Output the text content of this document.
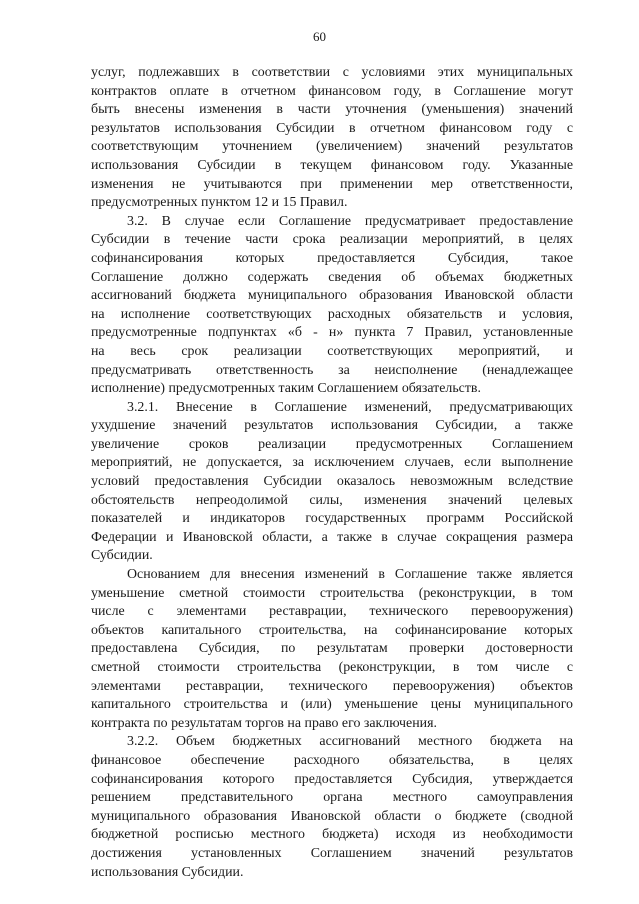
60
услуг, подлежавших в соответствии с условиями этих муниципальных
контрактов оплате в отчетном финансовом году, в Соглашение могут
быть внесены изменения в части уточнения (уменьшения) значений
результатов использования Субсидии в отчетном финансовом году с
соответствующим уточнением (увеличением) значений результатов
использования Субсидии в текущем финансовом году. Указанные
изменения не учитываются при применении мер ответственности,
предусмотренных пунктом 12 и 15 Правил.
3.2. В случае если Соглашение предусматривает предоставление
Субсидии в течение части срока реализации мероприятий, в целях
софинансирования которых предоставляется Субсидия, такое
Соглашение должно содержать сведения об объемах бюджетных
ассигнований бюджета муниципального образования Ивановской области
на исполнение соответствующих расходных обязательств и условия,
предусмотренные подпунктах «б - н» пункта 7 Правил, установленные
на весь срок реализации соответствующих мероприятий, и
предусматривать ответственность за неисполнение (ненадлежащее
исполнение) предусмотренных таким Соглашением обязательств.
3.2.1. Внесение в Соглашение изменений, предусматривающих
ухудшение значений результатов использования Субсидии, а также
увеличение сроков реализации предусмотренных Соглашением
мероприятий, не допускается, за исключением случаев, если выполнение
условий предоставления Субсидии оказалось невозможным вследствие
обстоятельств непреодолимой силы, изменения значений целевых
показателей и индикаторов государственных программ Российской
Федерации и Ивановской области, а также в случае сокращения размера
Субсидии.
Основанием для внесения изменений в Соглашение также является
уменьшение сметной стоимости строительства (реконструкции, в том
числе с элементами реставрации, технического перевооружения)
объектов капитального строительства, на софинансирование которых
предоставлена Субсидия, по результатам проверки достоверности
сметной стоимости строительства (реконструкции, в том числе с
элементами реставрации, технического перевооружения) объектов
капитального строительства и (или) уменьшение цены муниципального
контракта по результатам торгов на право его заключения.
3.2.2. Объем бюджетных ассигнований местного бюджета на
финансовое обеспечение расходного обязательства, в целях
софинансирования которого предоставляется Субсидия, утверждается
решением представительного органа местного самоуправления
муниципального образования Ивановской области о бюджете (сводной
бюджетной росписью местного бюджета) исходя из необходимости
достижения установленных Соглашением значений результатов
использования Субсидии.
